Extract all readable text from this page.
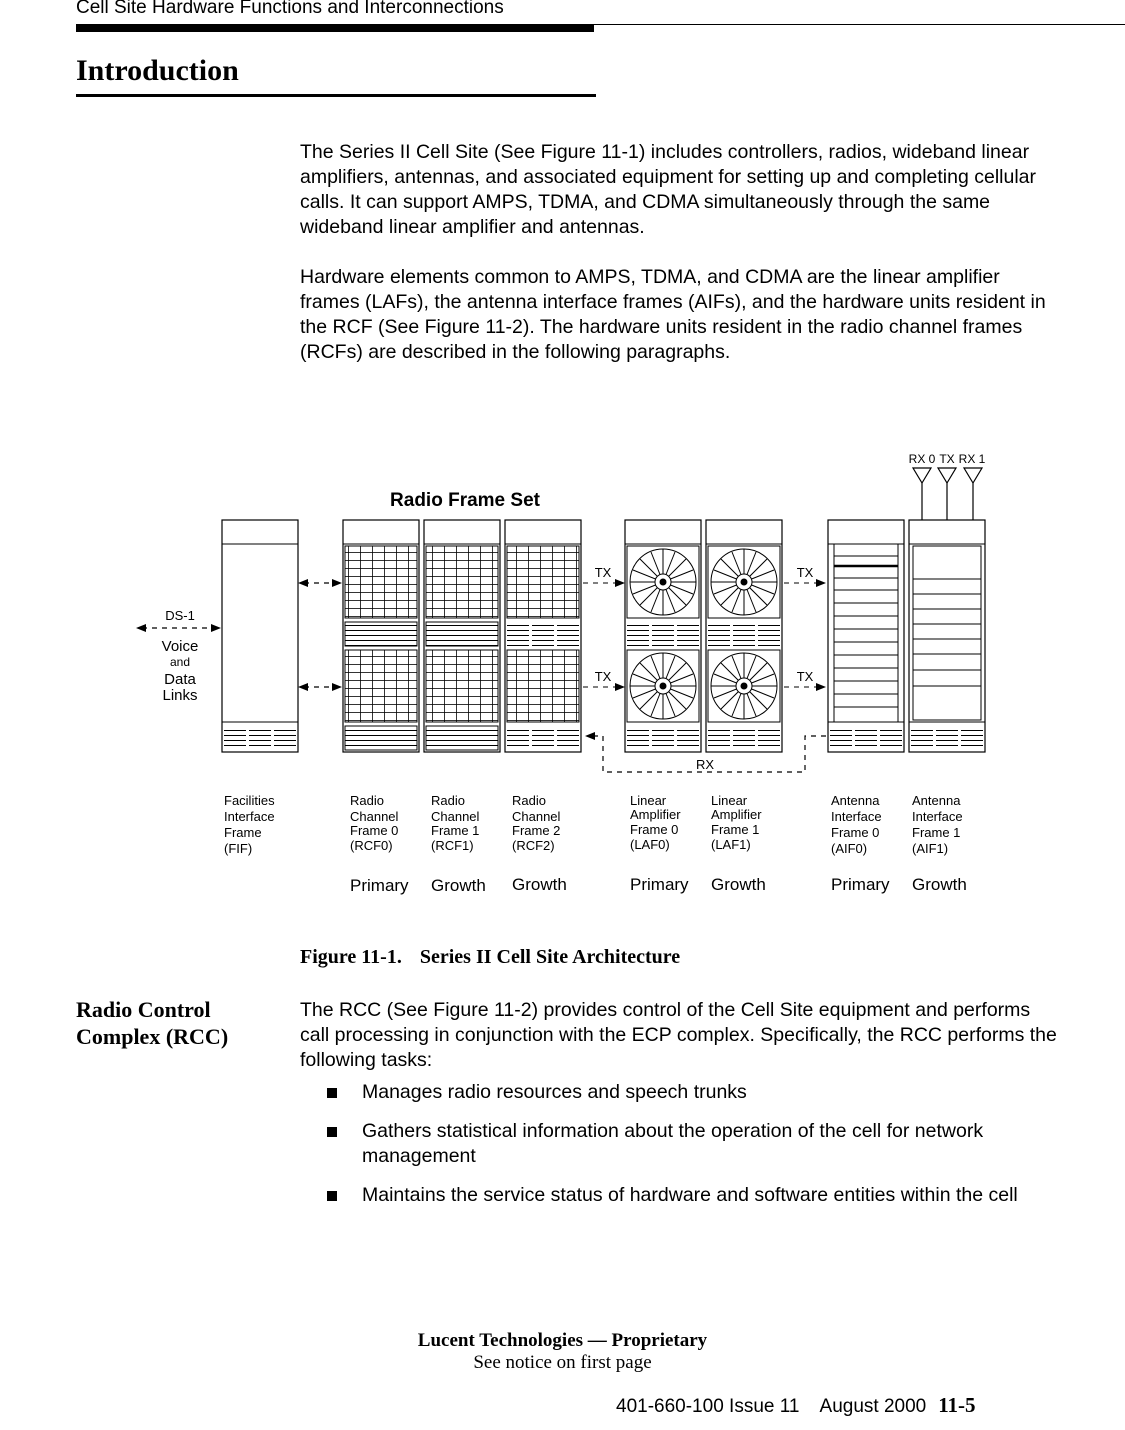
Cell Site Hardware Functions and Interconnections
Introduction
The Series II Cell Site (See Figure 11-1) includes controllers, radios, wideband linear amplifiers, antennas, and associated equipment for setting up and completing cellular calls. It can support AMPS, TDMA, and CDMA simultaneously through the same wideband linear amplifier and antennas.
Hardware elements common to AMPS, TDMA, and CDMA are the linear amplifier frames (LAFs), the antenna interface frames (AIFs), and the hardware units resident in the RCF (See Figure 11-2). The hardware units resident in the radio channel frames (RCFs) are described in the following paragraphs.
Radio Frame Set
DS-1
Voice
and
Data
Links
TX
TX
TX
TX
RX
RX 0 TX RX 1
Facilities
Interface
Frame
(FIF)
Radio
Channel
Frame 0
(RCF0)
Radio
Channel
Frame 1
(RCF1)
Radio
Channel
Frame 2
(RCF2)
Linear
Amplifier
Frame 0
(LAF0)
Linear
Amplifier
Frame 1
(LAF1)
Antenna
Interface
Frame 0
(AIF0)
Antenna
Interface
Frame 1
(AIF1)
Primary Growth Growth	Primary Growth	Primary Growth
Figure 11-1. Series II Cell Site Architecture
Radio Control Complex (RCC)
The RCC (See Figure 11-2) provides control of the Cell Site equipment and performs call processing in conjunction with the ECP complex. Specifically, the RCC performs the following tasks:
Manages radio resources and speech trunks
Gathers statistical information about the operation of the cell for network management
Maintains the service status of hardware and software entities within the cell
Lucent Technologies — Proprietary
See notice on first page
401-660-100 Issue 11    August 2000 11-5
